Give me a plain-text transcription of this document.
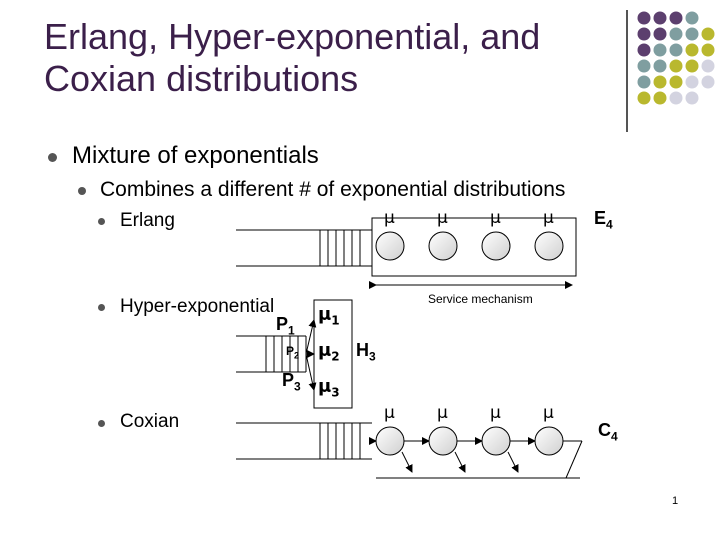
Erlang, Hyper-exponential, and
Coxian distributions
Mixture of exponentials
Combines a different # of exponential distributions
Erlang
Hyper-exponential
Coxian
μ μ μ μ $E_4$
Service mechanism
$P_1$
$P_2$
$P_3$
$\mu_1$
$\mu_2$
$\mu_3$
$H_3$
μ μ μ μ
$C_4$
1
